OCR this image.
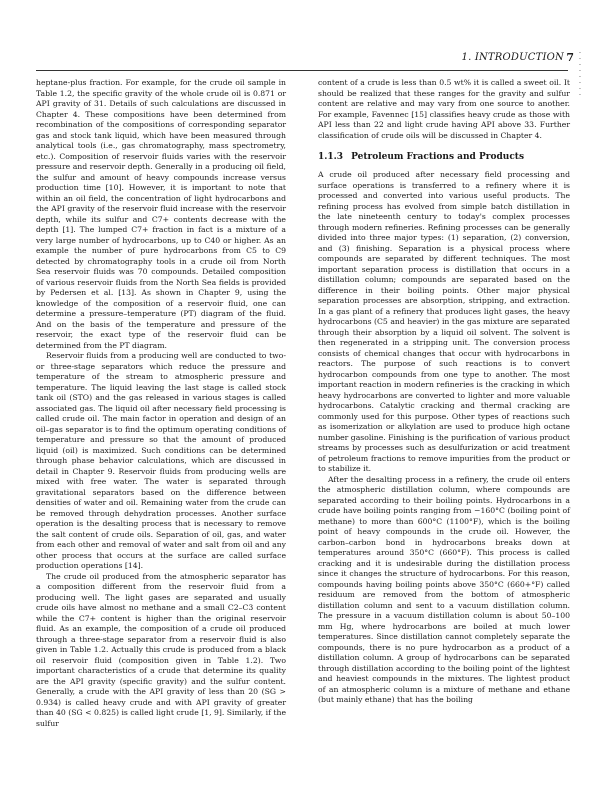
1. INTRODUCTION 7 ·
·
·
·
·
·
·
·

heptane-plus fraction. For example, for the crude oil sample in Table 1.2, the specific gravity of the whole crude oil is 0.871 or API gravity of 31. Details of such calculations are discussed in Chapter 4. These compositions have been determined from recombination of the compositions of corresponding separator gas and stock tank liquid, which have been measured through analytical tools (i.e., gas chromatography, mass spectrometry, etc.). Composition of reservoir fluids varies with the reservoir pressure and reservoir depth. Generally in a producing oil field, the sulfur and amount of heavy compounds increase versus production time [10]. However, it is important to note that within an oil field, the concentration of light hydrocarbons and the API gravity of the reservoir fluid increase with the reservoir depth, while its sulfur and C7+ contents decrease with the depth [1]. The lumped C7+ fraction in fact is a mixture of a very large number of hydrocarbons, up to C40 or higher. As an example the number of pure hydrocarbons from C5 to C9 detected by chromatography tools in a crude oil from North Sea reservoir fluids was 70 compounds. Detailed composition of various reservoir fluids from the North Sea fields is provided by Pedersen et al. [13]. As shown in Chapter 9, using the knowledge of the composition of a reservoir fluid, one can determine a pressure–temperature (PT) diagram of the fluid. And on the basis of the temperature and pressure of the reservoir, the exact type of the reservoir fluid can be determined from the PT diagram.

Reservoir fluids from a producing well are conducted to two- or three-stage separators which reduce the pressure and temperature of the stream to atmospheric pressure and temperature. The liquid leaving the last stage is called stock tank oil (STO) and the gas released in various stages is called associated gas. The liquid oil after necessary field processing is called crude oil. The main factor in operation and design of an oil–gas separator is to find the optimum operating conditions of temperature and pressure so that the amount of produced liquid (oil) is maximized. Such conditions can be determined through phase behavior calculations, which are discussed in detail in Chapter 9. Reservoir fluids from producing wells are mixed with free water. The water is separated through gravitational separators based on the difference between densities of water and oil. Remaining water from the crude can be removed through dehydration processes. Another surface operation is the desalting process that is necessary to remove the salt content of crude oils. Separation of oil, gas, and water from each other and removal of water and salt from oil and any other process that occurs at the surface are called surface production operations [14].

The crude oil produced from the atmospheric separator has a composition different from the reservoir fluid from a producing well. The light gases are separated and usually crude oils have almost no methane and a small C2–C3 content while the C7+ content is higher than the original reservoir fluid. As an example, the composition of a crude oil produced through a three-stage separator from a reservoir fluid is also given in Table 1.2. Actually this crude is produced from a black oil reservoir fluid (composition given in Table 1.2). Two important characteristics of a crude that determine its quality are the API gravity (specific gravity) and the sulfur content. Generally, a crude with the API gravity of less than 20 (SG > 0.934) is called heavy crude and with API gravity of greater than 40 (SG < 0.825) is called light crude [1, 9]. Similarly, if the sulfur

content of a crude is less than 0.5 wt% it is called a sweet oil. It should be realized that these ranges for the gravity and sulfur content are relative and may vary from one source to another. For example, Favennec [15] classifies heavy crude as those with API less than 22 and light crude having API above 33. Further classification of crude oils will be discussed in Chapter 4.

1.1.3 Petroleum Fractions and Products

A crude oil produced after necessary field processing and surface operations is transferred to a refinery where it is processed and converted into various useful products. The refining process has evolved from simple batch distillation in the late nineteenth century to today's complex processes through modern refineries. Refining processes can be generally divided into three major types: (1) separation, (2) conversion, and (3) finishing. Separation is a physical process where compounds are separated by different techniques. The most important separation process is distillation that occurs in a distillation column; compounds are separated based on the difference in their boiling points. Other major physical separation processes are absorption, stripping, and extraction. In a gas plant of a refinery that produces light gases, the heavy hydrocarbons (C5 and heavier) in the gas mixture are separated through their absorption by a liquid oil solvent. The solvent is then regenerated in a stripping unit. The conversion process consists of chemical changes that occur with hydrocarbons in reactors. The purpose of such reactions is to convert hydrocarbon compounds from one type to another. The most important reaction in modern refineries is the cracking in which heavy hydrocarbons are converted to lighter and more valuable hydrocarbons. Catalytic cracking and thermal cracking are commonly used for this purpose. Other types of reactions such as isomerization or alkylation are used to produce high octane number gasoline. Finishing is the purification of various product streams by processes such as desulfurization or acid treatment of petroleum fractions to remove impurities from the product or to stabilize it.

After the desalting process in a refinery, the crude oil enters the atmospheric distillation column, where compounds are separated according to their boiling points. Hydrocarbons in a crude have boiling points ranging from −160°C (boiling point of methane) to more than 600°C (1100°F), which is the boiling point of heavy compounds in the crude oil. However, the carbon–carbon bond in hydrocarbons breaks down at temperatures around 350°C (660°F). This process is called cracking and it is undesirable during the distillation process since it changes the structure of hydrocarbons. For this reason, compounds having boiling points above 350°C (660+°F) called residuum are removed from the bottom of atmospheric distillation column and sent to a vacuum distillation column. The pressure in a vacuum distillation column is about 50–100 mm Hg, where hydrocarbons are boiled at much lower temperatures. Since distillation cannot completely separate the compounds, there is no pure hydrocarbon as a product of a distillation column. A group of hydrocarbons can be separated through distillation according to the boiling point of the lightest and heaviest compounds in the mixtures. The lightest product of an atmospheric column is a mixture of methane and ethane (but mainly ethane) that has the boiling
